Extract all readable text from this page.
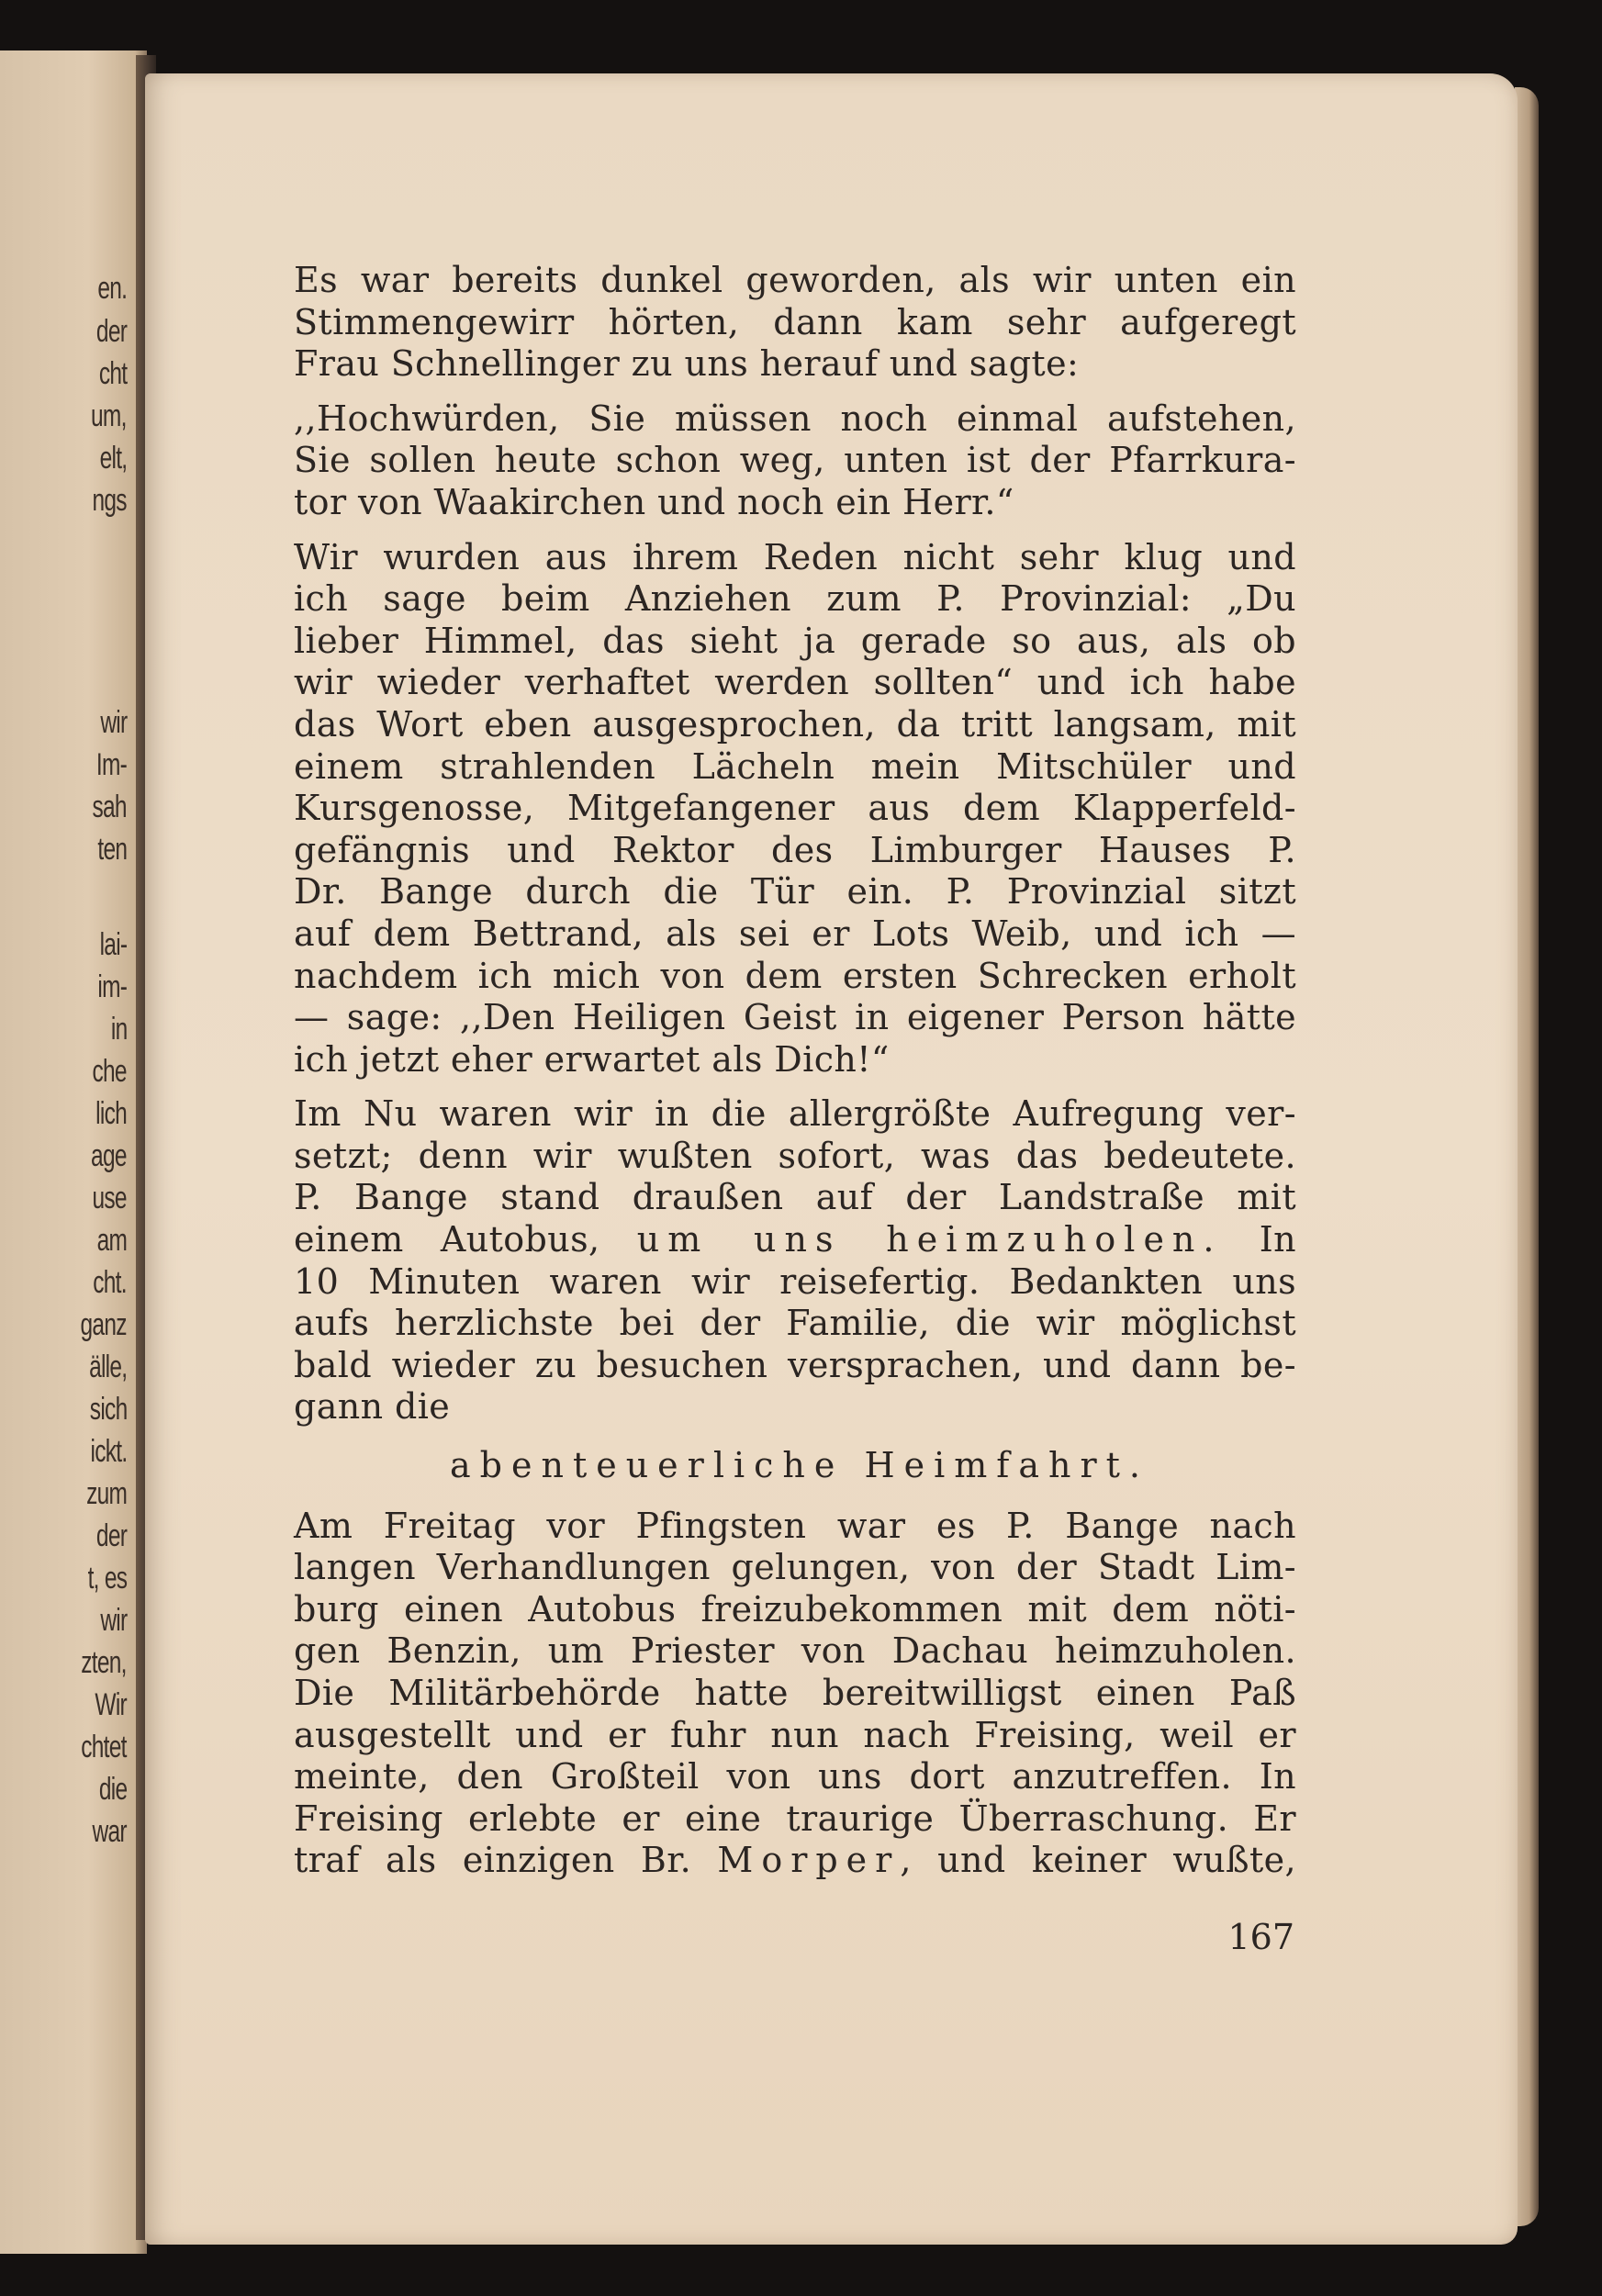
en.
der
cht
um,
elt,
ngs
wir
Im-
sah
ten
lai-
im-
in
che
lich
age
use
am
cht.
ganz
älle,
sich
ickt.
zum
der
t, es
wir
zten,
Wir
chtet
die
war
Es war bereits dunkel geworden, als wir unten ein
Stimmengewirr hörten, dann kam sehr aufgeregt
Frau Schnellinger zu uns herauf und sagte:
,,Hochwürden, Sie müssen noch einmal aufstehen,
Sie sollen heute schon weg, unten ist der Pfarrkura-
tor von Waakirchen und noch ein Herr.“
Wir wurden aus ihrem Reden nicht sehr klug und
ich sage beim Anziehen zum P. Provinzial: „Du
lieber Himmel, das sieht ja gerade so aus, als ob
wir wieder verhaftet werden sollten“ und ich habe
das Wort eben ausgesprochen, da tritt langsam, mit
einem strahlenden Lächeln mein Mitschüler und
Kursgenosse, Mitgefangener aus dem Klapperfeld-
gefängnis und Rektor des Limburger Hauses P.
Dr. Bange durch die Tür ein. P. Provinzial sitzt
auf dem Bettrand, als sei er Lots Weib, und ich —
nachdem ich mich von dem ersten Schrecken erholt
— sage: ,,Den Heiligen Geist in eigener Person hätte
ich jetzt eher erwartet als Dich!“
Im Nu waren wir in die allergrößte Aufregung ver-
setzt; denn wir wußten sofort, was das bedeutete.
P. Bange stand draußen auf der Landstraße mit
einem Autobus, um uns heimzuholen. In
10 Minuten waren wir reisefertig. Bedankten uns
aufs herzlichste bei der Familie, die wir möglichst
bald wieder zu besuchen versprachen, und dann be-
gann die
abenteuerliche Heimfahrt.
Am Freitag vor Pfingsten war es P. Bange nach
langen Verhandlungen gelungen, von der Stadt Lim-
burg einen Autobus freizubekommen mit dem nöti-
gen Benzin, um Priester von Dachau heimzuholen.
Die Militärbehörde hatte bereitwilligst einen Paß
ausgestellt und er fuhr nun nach Freising, weil er
meinte, den Großteil von uns dort anzutreffen. In
Freising erlebte er eine traurige Überraschung. Er
traf als einzigen Br. Morper, und keiner wußte,
167
